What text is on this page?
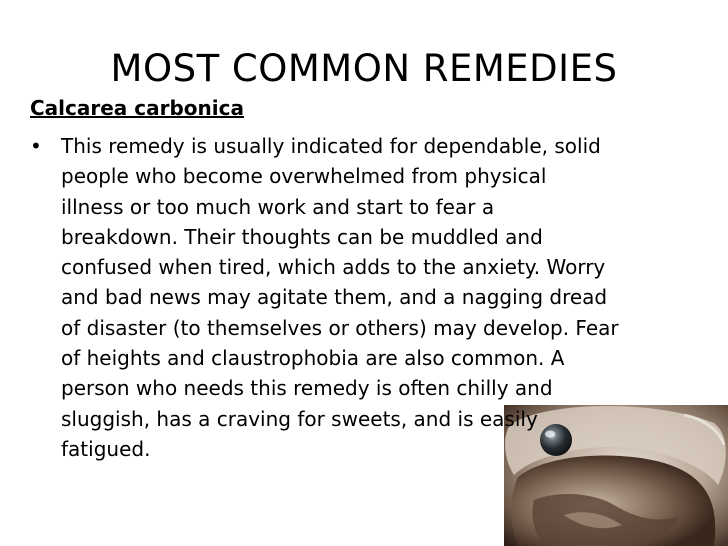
MOST COMMON REMEDIES
Calcarea carbonica
• This remedy is usually indicated for dependable, solid
people who become overwhelmed from physical
illness or too much work and start to fear a
breakdown. Their thoughts can be muddled and
confused when tired, which adds to the anxiety. Worry
and bad news may agitate them, and a nagging dread
of disaster (to themselves or others) may develop. Fear
of heights and claustrophobia are also common. A
person who needs this remedy is often chilly and
sluggish, has a craving for sweets, and is easily
fatigued.
